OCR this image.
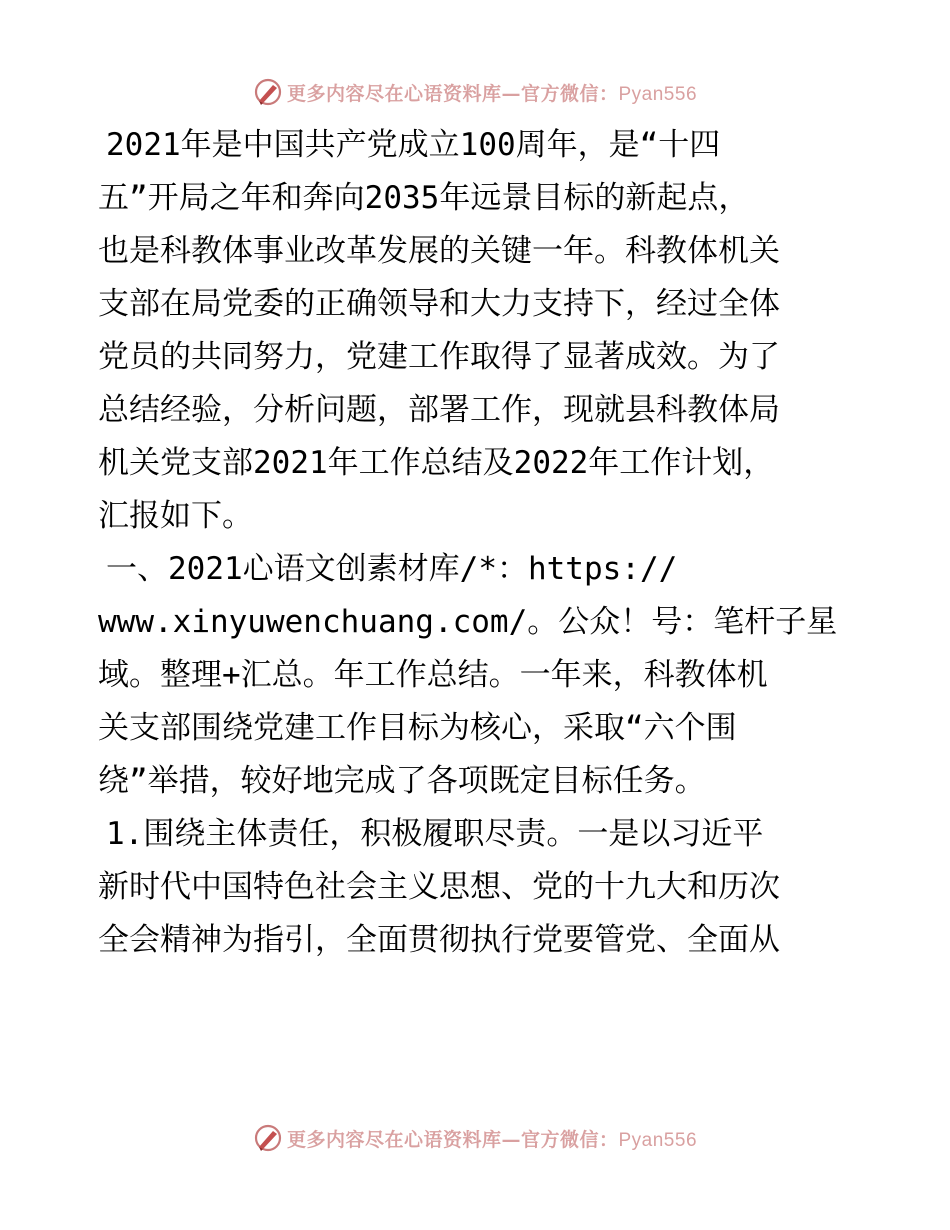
更多内容尽在心语资料库—官方微信：Pyan556
2021年是中国共产党成立100周年，是“十四
五”开局之年和奔向2035年远景目标的新起点，
也是科教体事业改革发展的关键一年。科教体机关
支部在局党委的正确领导和大力支持下，经过全体
党员的共同努力，党建工作取得了显著成效。为了
总结经验，分析问题，部署工作，现就县科教体局
机关党支部2021年工作总结及2022年工作计划，
汇报如下。
一、2021心语文创素材库/*：https://
www.xinyuwenchuang.com/。公众！号：笔杆子星
域。整理+汇总。年工作总结。一年来，科教体机
关支部围绕党建工作目标为核心，采取“六个围
绕”举措，较好地完成了各项既定目标任务。
1.围绕主体责任，积极履职尽责。一是以习近平
新时代中国特色社会主义思想、党的十九大和历次
全会精神为指引，全面贯彻执行党要管党、全面从
更多内容尽在心语资料库—官方微信：Pyan556
